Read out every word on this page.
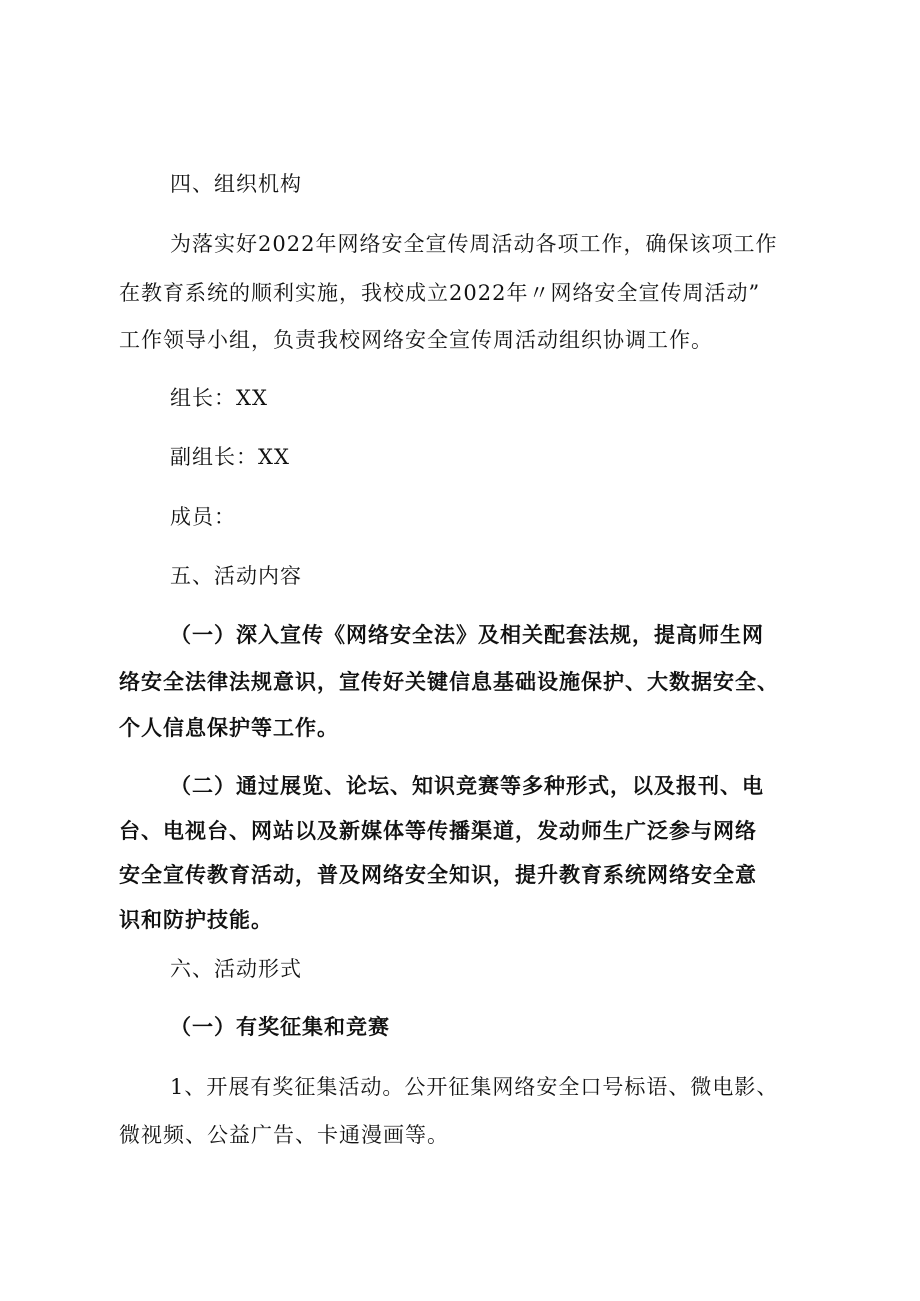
四、组织机构
为落实好2022年网络安全宣传周活动各项工作，确保该项工作
在教育系统的顺利实施，我校成立2022年〃网络安全宣传周活动”
工作领导小组，负责我校网络安全宣传周活动组织协调工作。
组长：XX
副组长：XX
成员：
五、活动内容
（一）深入宣传《网络安全法》及相关配套法规，提高师生网
络安全法律法规意识，宣传好关键信息基础设施保护、大数据安全、
个人信息保护等工作。
（二）通过展览、论坛、知识竞赛等多种形式，以及报刊、电
台、电视台、网站以及新媒体等传播渠道，发动师生广泛参与网络
安全宣传教育活动，普及网络安全知识，提升教育系统网络安全意
识和防护技能。
六、活动形式
（一）有奖征集和竞赛
1、开展有奖征集活动。公开征集网络安全口号标语、微电影、
微视频、公益广告、卡通漫画等。
